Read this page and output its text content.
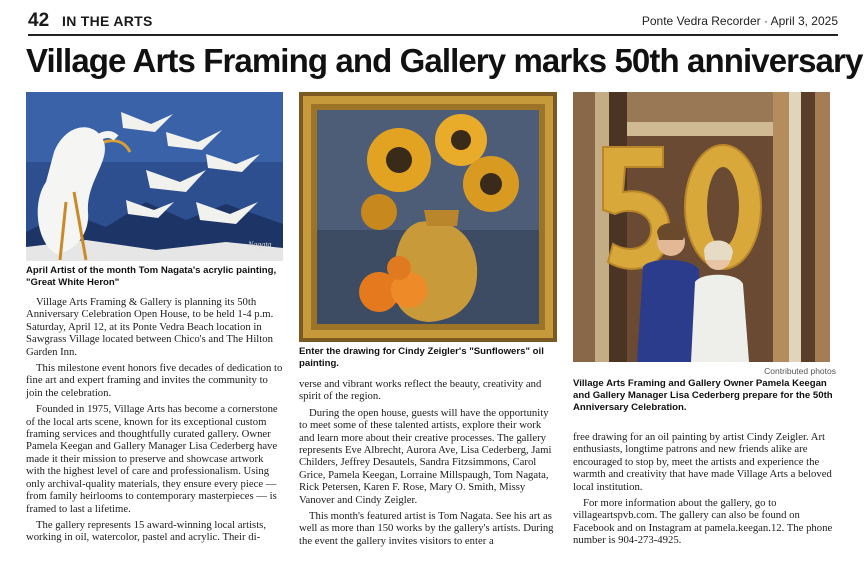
42 IN THE ARTS	Ponte Vedra Recorder · April 3, 2025
Village Arts Framing and Gallery marks 50th anniversary
Nagata
April Artist of the month Tom Nagata's acrylic painting, "Great White Heron"
Enter the drawing for Cindy Zeigler's "Sunflowers" oil painting.
Contributed photos
Village Arts Framing and Gallery Owner Pamela Keegan and Gallery Manager Lisa Cederberg prepare for the 50th Anniversary Celebration.

Village Arts Framing & Gallery is planning its 50th Anniversary Celebration Open House, to be held 1-4 p.m. Saturday, April 12, at its Ponte Vedra Beach location in Sawgrass Village located between Chico's and The Hilton Garden Inn.

This milestone event honors five decades of dedication to fine art and expert framing and invites the community to join the celebration.

Founded in 1975, Village Arts has become a cornerstone of the local arts scene, known for its exceptional custom framing services and thoughtfully curated gallery. Owner Pamela Keegan and Gallery Manager Lisa Cederberg have made it their mission to preserve and showcase artwork with the highest level of care and professionalism. Using only archival-quality materials, they ensure every piece — from family heirlooms to contemporary masterpieces — is framed to last a lifetime.

The gallery represents 15 award-winning local artists, working in oil, watercolor, pastel and acrylic. Their di-

verse and vibrant works reflect the beauty, creativity and spirit of the region.

During the open house, guests will have the opportunity to meet some of these talented artists, explore their work and learn more about their creative processes. The gallery represents Eve Albrecht, Aurora Ave, Lisa Cederberg, Jami Childers, Jeffrey Desautels, Sandra Fitzsimmons, Carol Grice, Pamela Keegan, Lorraine Millspaugh, Tom Nagata, Rick Petersen, Karen F. Rose, Mary O. Smith, Missy Vanover and Cindy Zeigler.

This month's featured artist is Tom Nagata. See his art as well as more than 150 works by the gallery's artists. During the event the gallery invites visitors to enter a

free drawing for an oil painting by artist Cindy Zeigler. Art enthusiasts, longtime patrons and new friends alike are encouraged to stop by, meet the artists and experience the warmth and creativity that have made Village Arts a beloved local institution.

For more information about the gallery, go to villageartspvb.com. The gallery can also be found on Facebook and on Instagram at pamela.keegan.12. The phone number is 904-273-4925.
